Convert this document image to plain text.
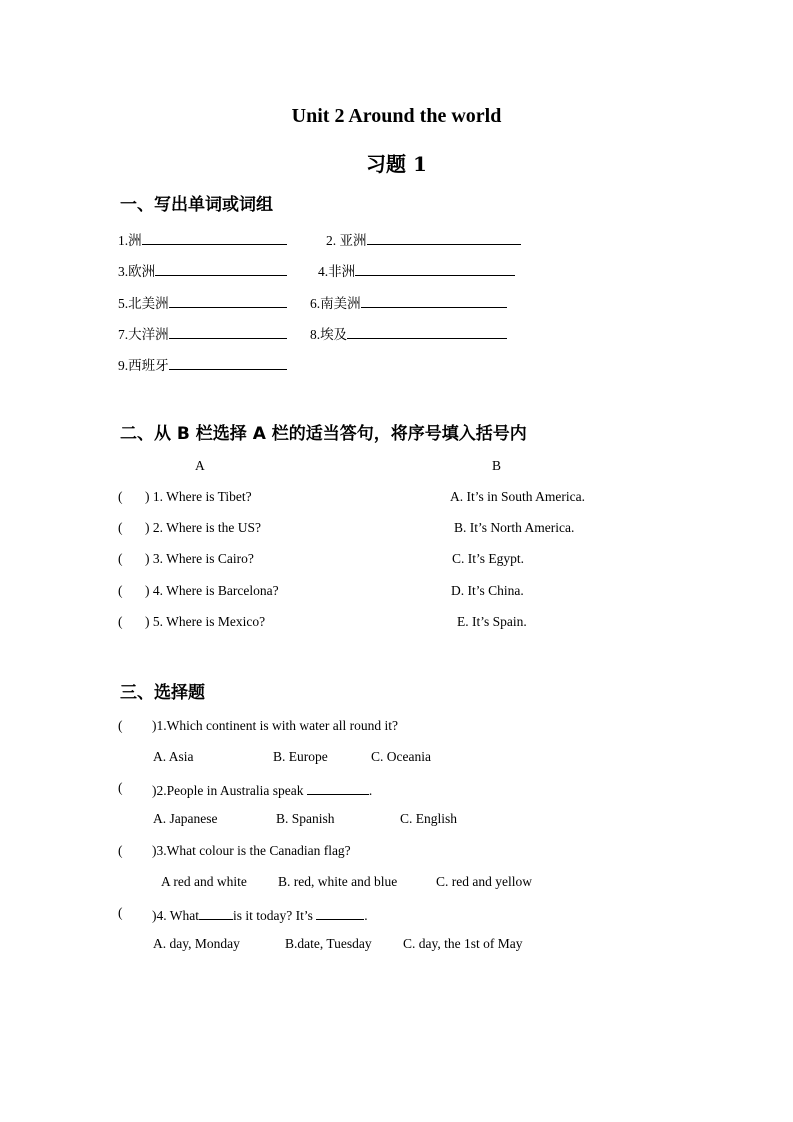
Unit 2 Around the world
习题 1
一、写出单词或词组
1.洲	2. 亚洲
3.欧洲	4.非洲
5.北美洲	6.南美洲
7.大洋洲	8.埃及
9.西班牙
二、从 B 栏选择 A 栏的适当答句，将序号填入括号内
A	B
( ) 1. Where is Tibet?	A. It’s in South America.
( ) 2. Where is the US?	B. It’s North America.
( ) 3. Where is Cairo?	C. It’s Egypt.
( ) 4. Where is Barcelona?	D. It’s China.
( ) 5. Where is Mexico?	E. It’s Spain.
三、选择题
( )1.Which continent is with water all round it?
A. Asia	B. Europe	C. Oceania
( )2.People in Australia speak	.
A. Japanese	B. Spanish	C. English
( )3.What colour is the Canadian flag?
A red and white B. red, white and blue	C. red and yellow
( )4. What	is it today? It’s	.
A. day, Monday	B.date, Tuesday C. day, the 1st of May
